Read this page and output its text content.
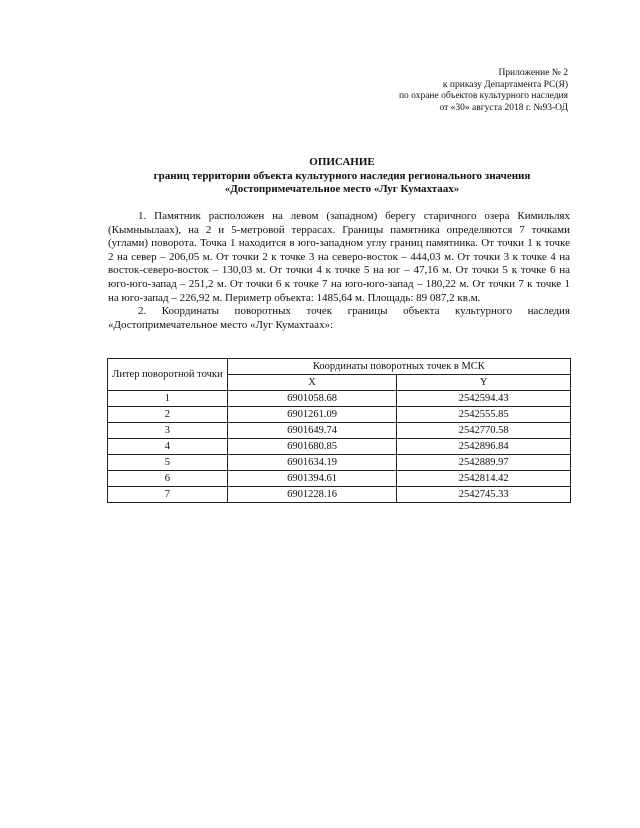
Приложение № 2
к приказу Департамента РС(Я)
по охране объектов культурного наследия
от «30» августа 2018 г. №93-ОД
ОПИСАНИЕ
границ территории объекта культурного наследия регионального значения
«Достопримечательное место «Луг Кумахтаах»

1. Памятник расположен на левом (западном) берегу старичного озера Кимильлях (Кымныылаах), на 2 и 5-метровой террасах. Границы памятника определяются 7 точками (углами) поворота. Точка 1 находится в юго-западном углу границ памятника. От точки 1 к точке 2 на север – 206,05 м. От точки 2 к точке 3 на северо-восток – 444,03 м. От точки 3 к точке 4 на восток-северо-восток – 130,03 м. От точки 4 к точке 5 на юг – 47,16 м. От точки 5 к точке 6 на юго-юго-запад – 251,2 м. От точки 6 к точке 7 на юго-юго-запад – 180,22 м. От точки 7 к точке 1 на юго-запад – 226,92 м. Периметр объекта: 1485,64 м. Площадь: 89 087,2 кв.м.

2. Координаты поворотных точек границы объекта культурного наследия «Достопримечательное место «Луг Кумахтаах»:

Литер поворотной точки	Координаты поворотных точек в МСК	
	X	Y
1	6901058.68	2542594.43
2	6901261.09	2542555.85
3	6901649.74	2542770.58
4	6901680.85	2542896.84
5	6901634.19	2542889.97
6	6901394.61	2542814.42
7	6901228.16	2542745.33
